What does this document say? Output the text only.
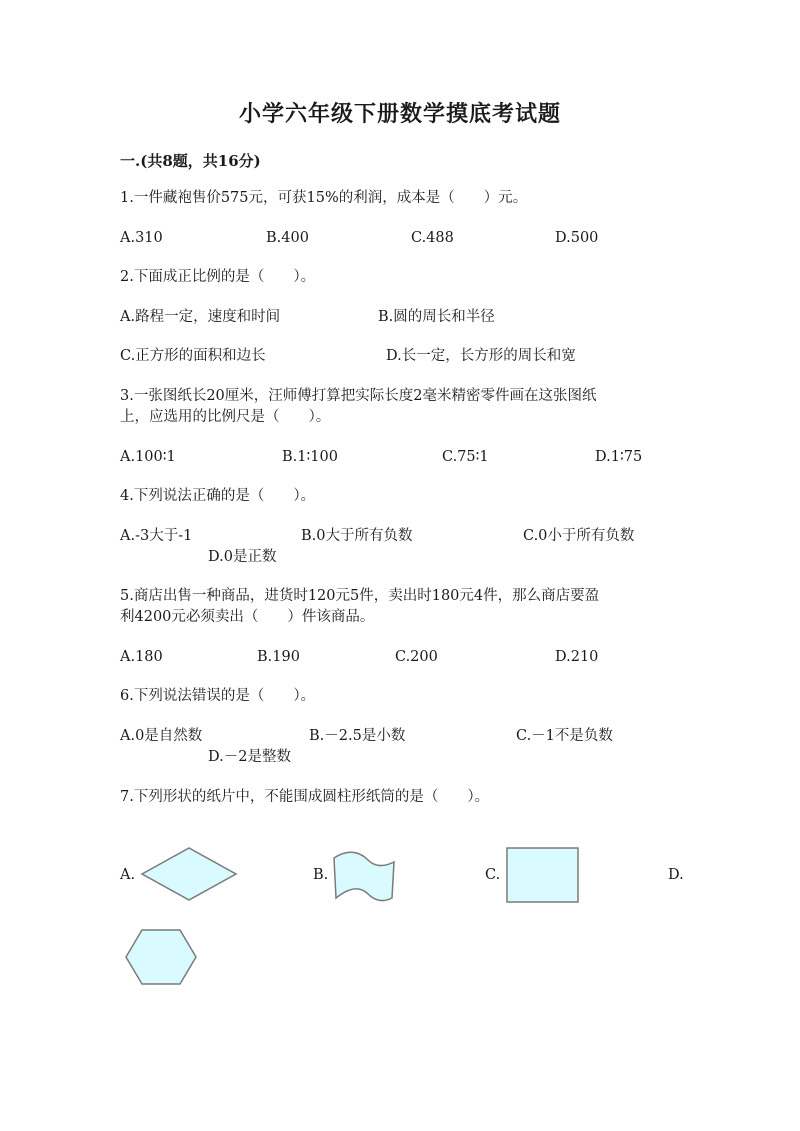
小学六年级下册数学摸底考试题
一.(共8题，共16分)
1.一件藏袍售价575元，可获15%的利润，成本是（　　）元。
A.310	B.400	C.488	D.500
2.下面成正比例的是（　　）。
A.路程一定，速度和时间	B.圆的周长和半径
C.正方形的面积和边长	D.长一定，长方形的周长和宽
3.一张图纸长20厘米，汪师傅打算把实际长度2毫米精密零件画在这张图纸
上，应选用的比例尺是（　　）。
A.100∶1	B.1∶100	C.75∶1	D.1∶75
4.下列说法正确的是（　　）。
A.-3大于-1	B.0大于所有负数	C.0小于所有负数
D.0是正数
5.商店出售一种商品，进货时120元5件，卖出时180元4件，那么商店要盈
利4200元必须卖出（　　）件该商品。
A.180	B.190	C.200	D.210
6.下列说法错误的是（　　）。
A.0是自然数	B.－2.5是小数	C.－1不是负数
D.－2是整数
7.下列形状的纸片中，不能围成圆柱形纸筒的是（　　）。
A.	B.	C.	D.
